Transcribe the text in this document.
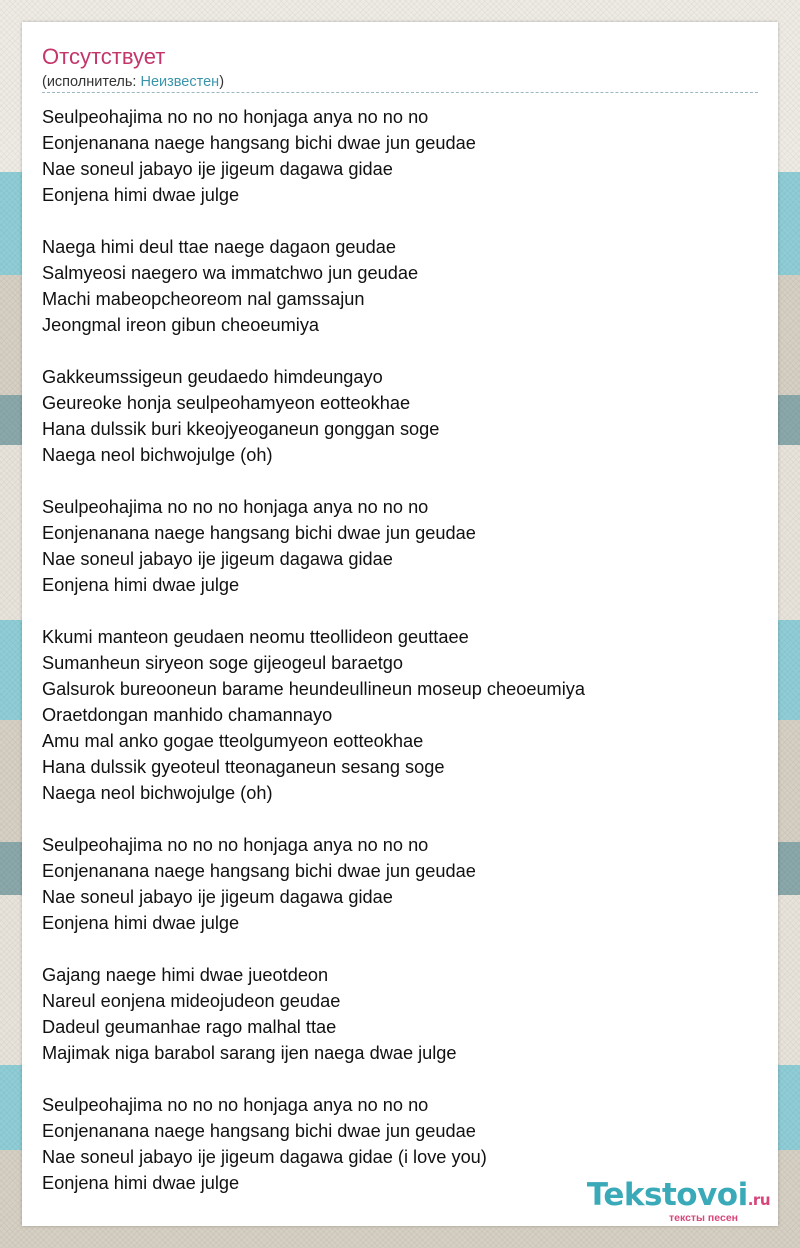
Отсутствует
(исполнитель: Неизвестен)
Seulpeohajima no no no honjaga anya no no no
Eonjenanana naege hangsang bichi dwae jun geudae
Nae soneul jabayo ije jigeum dagawa gidae
Eonjena himi dwae julge
Naega himi deul ttae naege dagaon geudae
Salmyeosi naegero wa immatchwo jun geudae
Machi mabeopcheoreom nal gamssajun
Jeongmal ireon gibun cheoeumiya
Gakkeumssigeun geudaedo himdeungayo
Geureoke honja seulpeohamyeon eotteokhae
Hana dulssik buri kkeojyeoganeun gonggan soge
Naega neol bichwojulge (oh)
Seulpeohajima no no no honjaga anya no no no
Eonjenanana naege hangsang bichi dwae jun geudae
Nae soneul jabayo ije jigeum dagawa gidae
Eonjena himi dwae julge
Kkumi manteon geudaen neomu tteollideon geuttaee
Sumanheun siryeon soge gijeogeul baraetgo
Galsurok bureooneun barame heundeullineun moseup cheoeumiya
Oraetdongan manhido chamannayo
Amu mal anko gogae tteolgumyeon eotteokhae
Hana dulssik gyeoteul tteonaganeun sesang soge
Naega neol bichwojulge (oh)
Seulpeohajima no no no honjaga anya no no no
Eonjenanana naege hangsang bichi dwae jun geudae
Nae soneul jabayo ije jigeum dagawa gidae
Eonjena himi dwae julge
Gajang naege himi dwae jueotdeon
Nareul eonjena mideojudeon geudae
Dadeul geumanhae rago malhal ttae
Majimak niga barabol sarang ijen naega dwae julge
Seulpeohajima no no no honjaga anya no no no
Eonjenanana naege hangsang bichi dwae jun geudae
Nae soneul jabayo ije jigeum dagawa gidae (i love you)
Eonjena himi dwae julge	Tekstovoi.ru
тексты песен
